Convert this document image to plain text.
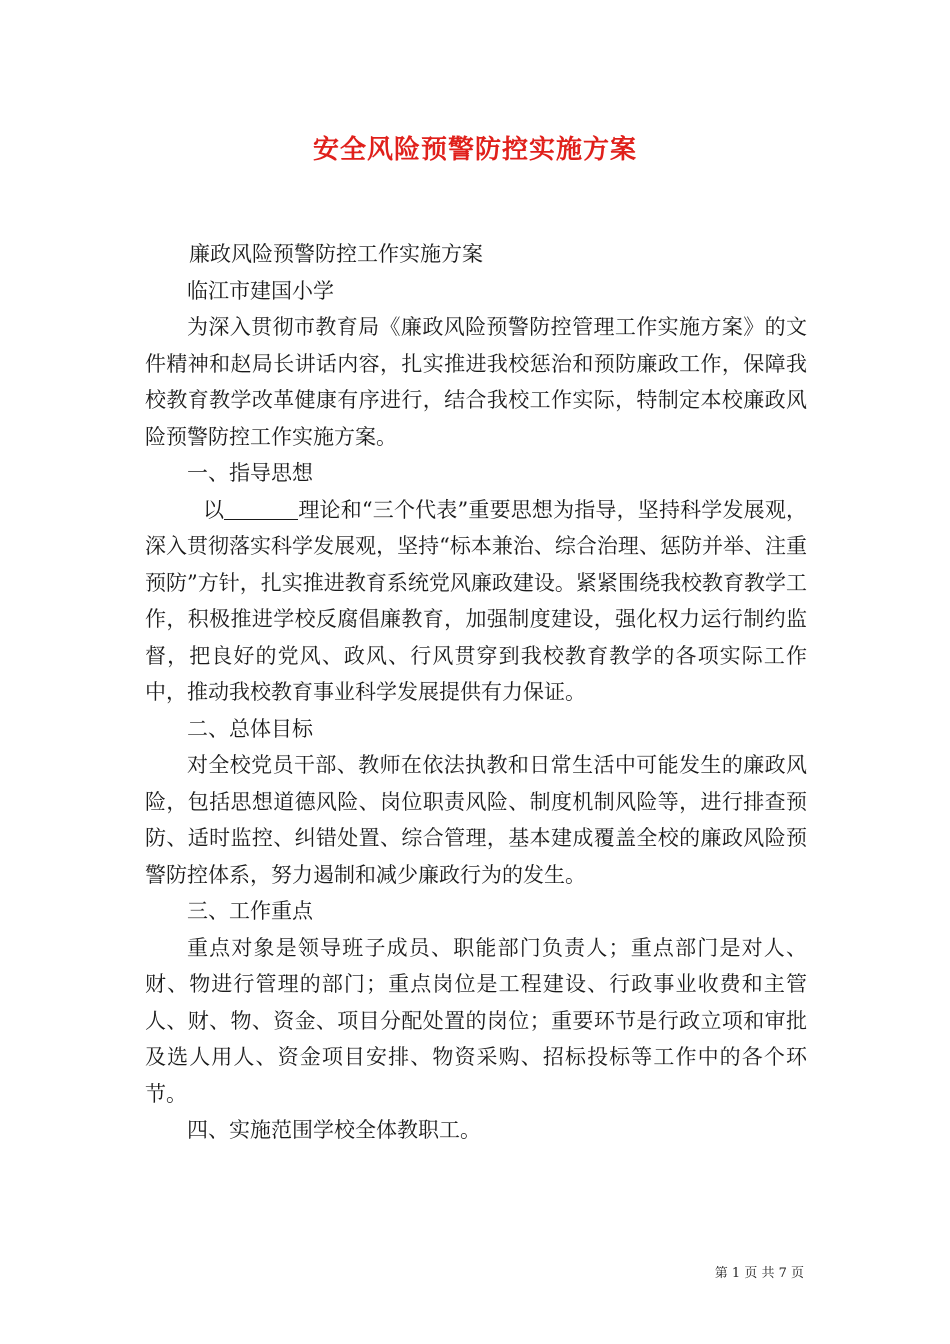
安全风险预警防控实施方案

廉政风险预警防控工作实施方案

临江市建国小学

为深入贯彻市教育局《廉政风险预警防控管理工作实施方案》的文件精神和赵局长讲话内容，扎实推进我校惩治和预防廉政工作，保障我校教育教学改革健康有序进行，结合我校工作实际，特制定本校廉政风险预警防控工作实施方案。

一、指导思想

以	理论和“三个代表”重要思想为指导，坚持科学发展观，深入贯彻落实科学发展观，坚持“标本兼治、综合治理、惩防并举、注重预防”方针，扎实推进教育系统党风廉政建设。紧紧围绕我校教育教学工作，积极推进学校反腐倡廉教育，加强制度建设，强化权力运行制约监督，把良好的党风、政风、行风贯穿到我校教育教学的各项实际工作中，推动我校教育事业科学发展提供有力保证。

二、总体目标

对全校党员干部、教师在依法执教和日常生活中可能发生的廉政风险，包括思想道德风险、岗位职责风险、制度机制风险等，进行排查预防、适时监控、纠错处置、综合管理，基本建成覆盖全校的廉政风险预警防控体系，努力遏制和减少廉政行为的发生。

三、工作重点

重点对象是领导班子成员、职能部门负责人；重点部门是对人、财、物进行管理的部门；重点岗位是工程建设、行政事业收费和主管人、财、物、资金、项目分配处置的岗位；重要环节是行政立项和审批及选人用人、资金项目安排、物资采购、招标投标等工作中的各个环节。

四、实施范围学校全体教职工。

第 1 页 共 7 页
